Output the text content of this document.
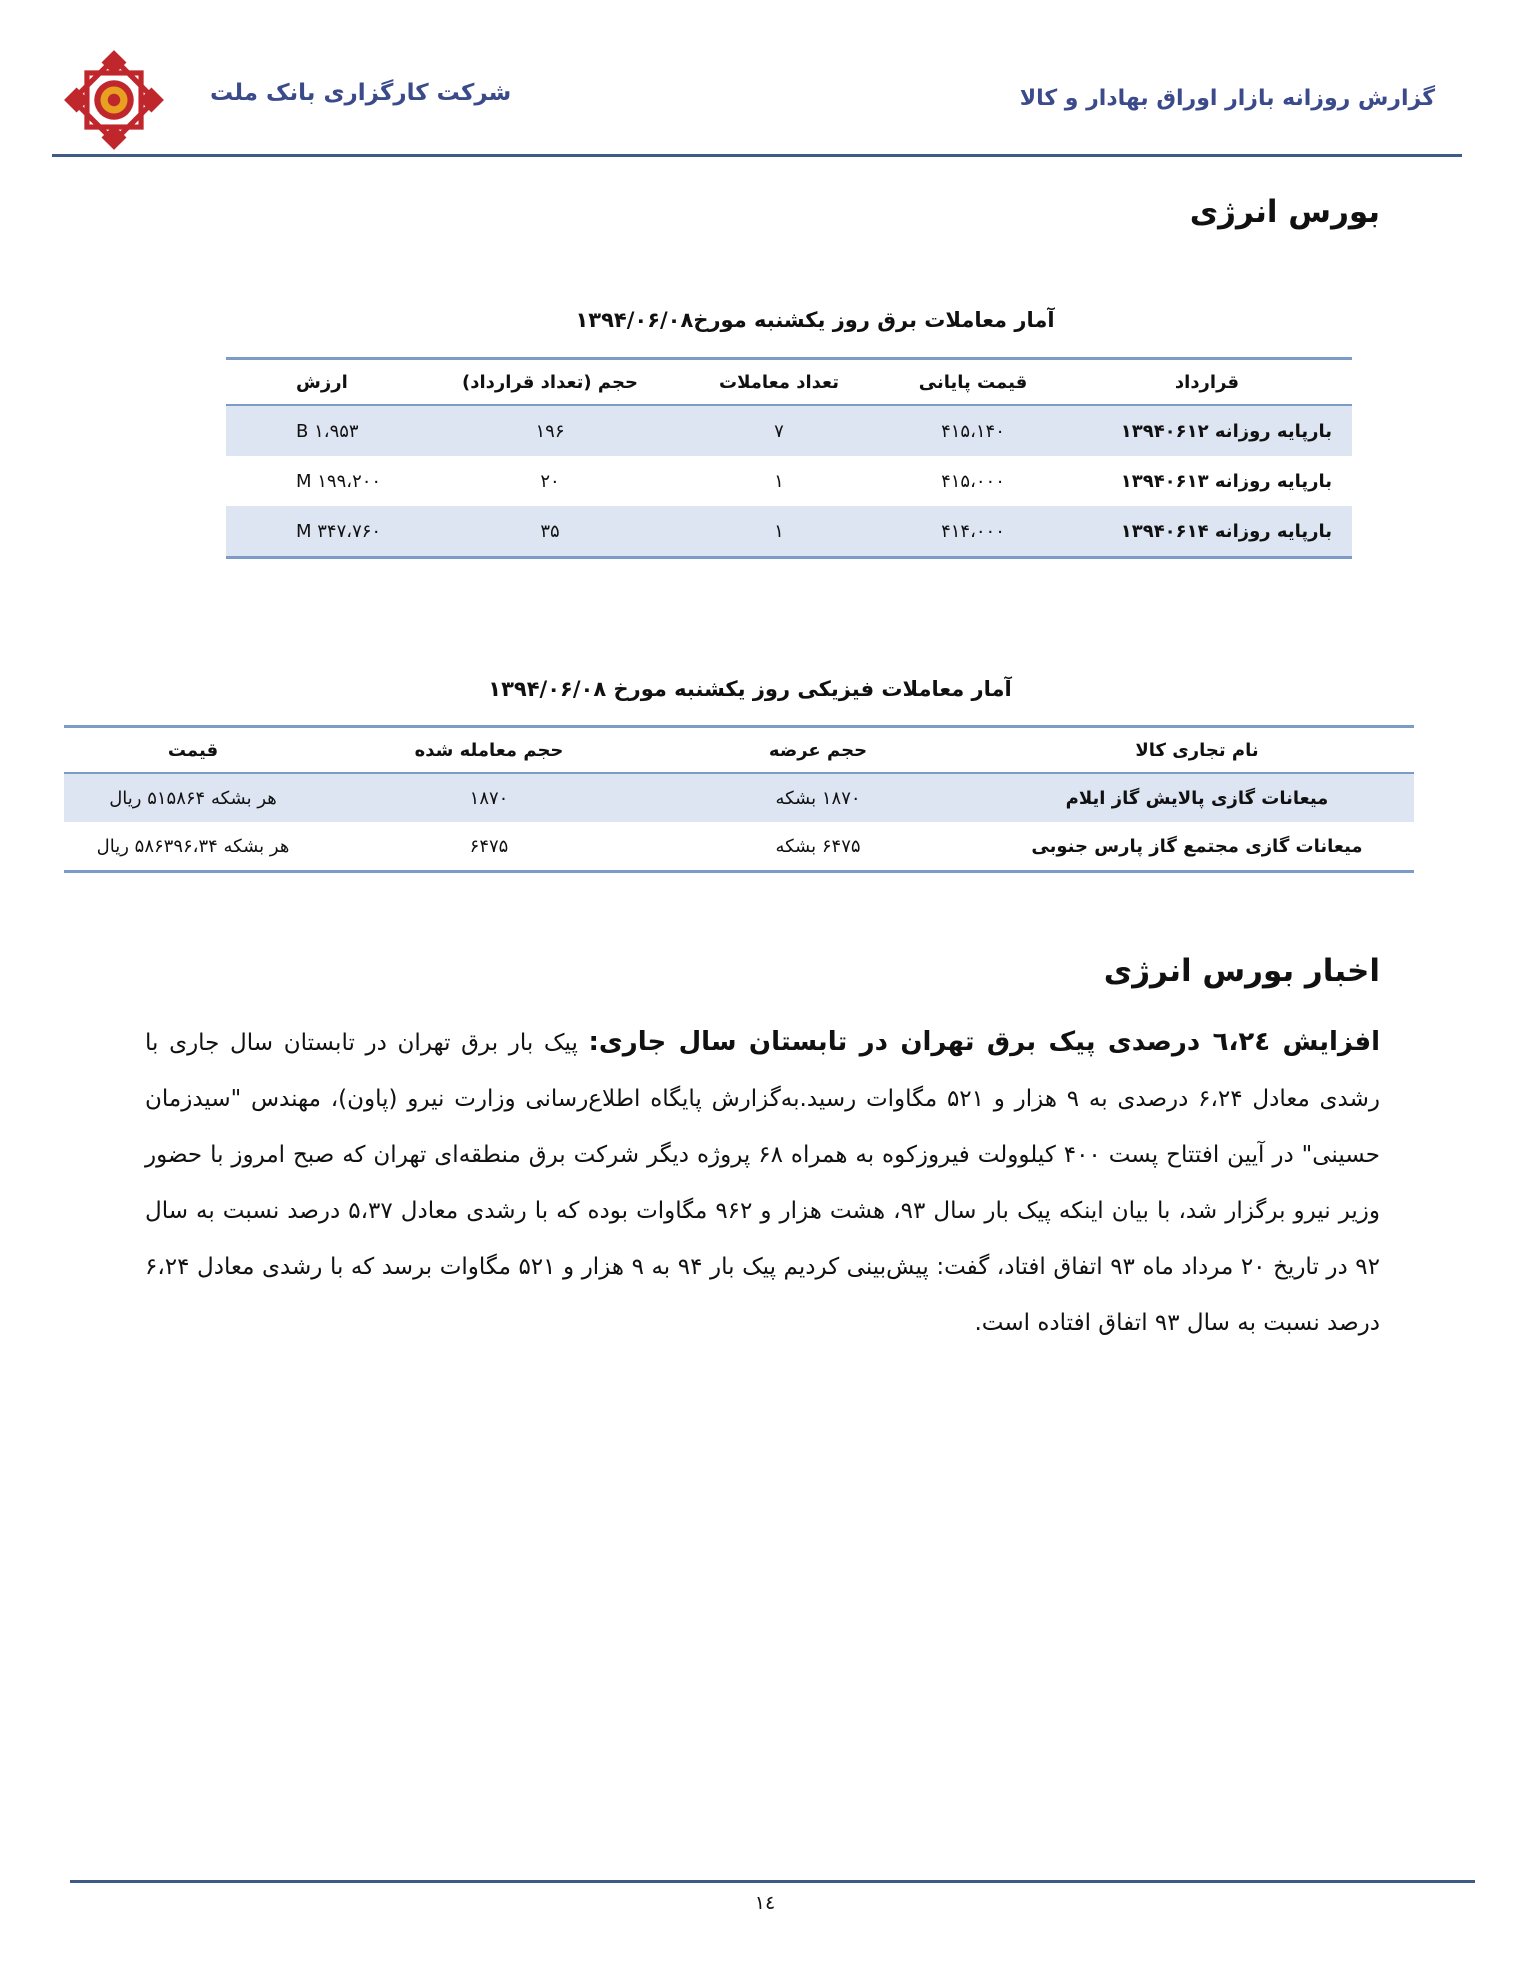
شرکت کارگزاری بانک ملت	گزارش روزانه بازار اوراق بهادار و کالا
بورس انرژی
آمار معاملات برق روز یکشنبه مورخ۱۳۹۴/۰۶/۰۸
قرارداد	قیمت پایانی	تعداد معاملات	حجم (تعداد قرارداد)	ارزش
بارپایه روزانه ۱۳۹۴۰۶۱۲	۴۱۵،۱۴۰	۷	۱۹۶	۱،۹۵۳ B
بارپایه روزانه ۱۳۹۴۰۶۱۳	۴۱۵،۰۰۰	۱	۲۰	۱۹۹،۲۰۰ M
بارپایه روزانه ۱۳۹۴۰۶۱۴	۴۱۴،۰۰۰	۱	۳۵	۳۴۷،۷۶۰ M
آمار معاملات فیزیکی روز یکشنبه مورخ ۱۳۹۴/۰۶/۰۸
نام تجاری کالا	حجم عرضه	حجم معامله شده	قیمت
میعانات گازی پالایش گاز ایلام	۱۸۷۰ بشکه	۱۸۷۰	هر بشکه ۵۱۵۸۶۴ ریال
میعانات گازی مجتمع گاز پارس جنوبی	۶۴۷۵ بشکه	۶۴۷۵	هر بشکه ۵۸۶۳۹۶،۳۴ ریال
اخبار بورس انرژی
افزایش ٦،٢٤ درصدی پیک برق تهران در تابستان سال جاری: پیک بار برق تهران در تابستان سال جاری با رشدی معادل ۶،۲۴ درصدی به ۹ هزار و ۵۲۱ مگاوات رسید.به‌گزارش پایگاه اطلاع‌رسانی وزارت نیرو (پاون)، مهندس "سیدزمان حسینی" در آیین افتتاح پست ۴۰۰ کیلوولت فیروزکوه به همراه ۶۸ پروژه دیگر شرکت برق منطقه‌ای تهران که صبح امروز با حضور وزیر نیرو برگزار شد، با بیان اینکه پیک بار سال ۹۳، هشت هزار و ۹۶۲ مگاوات بوده که با رشدی معادل ۵،۳۷ درصد نسبت به سال ۹۲ در تاریخ ۲۰ مرداد ماه ۹۳ اتفاق افتاد، گفت: پیش‌بینی کردیم پیک بار ۹۴ به ۹ هزار و ۵۲۱ مگاوات برسد که با رشدی معادل ۶،۲۴ درصد نسبت به سال ۹۳ اتفاق افتاده است.
١٤
